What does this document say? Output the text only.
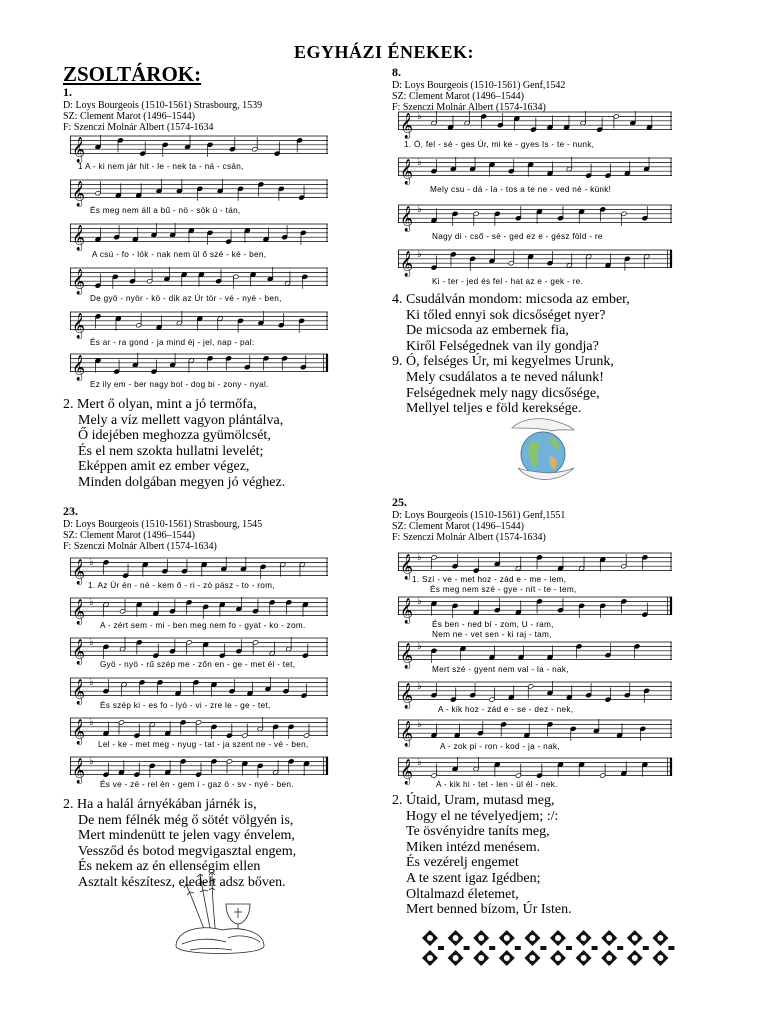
EGYHÁZI ÉNEKEK:
ZSOLTÁROK:
1.
D: Loys Bourgeois (1510-1561) Strasbourg, 1539
SZ: Clement Marot (1496–1544)
F: Szenczi Molnár Albert (1574-1634
8.
D: Loys Bourgeois (1510-1561) Genf,1542
SZ: Clement Marot (1496–1544)
F: Szenczi Molnár Albert (1574-1634)
23.
D: Loys Bourgeois (1510-1561) Strasbourg, 1545
SZ: Clement Marot (1496–1544)
F: Szenczi Molnár Albert (1574-1634)
25.
D: Loys Bourgeois (1510-1561) Genf,1551
SZ: Clement Marot (1496–1544)
F: Szenczi Molnár Albert (1574-1634)
𝄞
𝄞
𝄞
𝄞
𝄞
𝄞
𝄞 ♭
𝄞 ♭
𝄞 ♭
𝄞 ♭
𝄞 ♭
𝄞 ♭
𝄞 ♭
𝄞 ♭
𝄞 ♭
𝄞 ♭
𝄞 ♭
𝄞 ♭
𝄞 ♭
𝄞 ♭
𝄞 ♭
𝄞 ♭
1 A - ki nem jár hit - le - nek ta - ná - csán,
És meg nem áll a bű - nö - sök ú - tán,
A csú - fo - lók - nak nem ül ő szé - ké - ben,
De gyö - nyör - kö - dik az Úr tör - vé - nyé - ben,
És ar - ra gond - ja mind éj - jel, nap - pal:
Ez ily em - ber nagy bol - dog bi - zony - nyal.
1. Ó, fel - sé - ges Úr, mi ke - gyes Is - te - nunk,
Mely csu - dá - la - tos a te ne - ved né - künk!
Nagy di - cső - sé - ged ez e - gész föld - re
Ki - ter - jed és fel - hat az e - gek - re.
1. Az Úr én - né - kem ő - ri - zó pász - to - rom,
A - zért sem - mi - ben meg nem fo - gyat - ko - zom.
Gyö - nyö - rű szép me - zőn en - ge - met él - tet,
És szép ki - es fo - lyó - vi - zre le - ge - tet,
Lel - ke - met meg - nyug - tat - ja szent ne - vé - ben,
És ve - zé - rel én - gem i - gaz ö - sv - nyé - ben.
1. Szí - ve - met hoz - zád e - me - lem,
És meg nem szé - gye - nít - te - tem,
És ben - ned bí - zom, U - ram,
Nem ne - vet sen - ki raj - tam,
Mert szé - gyent nem val - la - nak,
A - kik hoz - zád e - se - dez - nek,
A - zok pi - ron - kod - ja - nak,
A - kik hi - tet - len - ül él - nek.
2. Mert ő olyan, mint a jó termőfa,
Mely a víz mellett vagyon plántálva,
Ő idejében meghozza gyümölcsét,
És el nem szokta hullatni levelét;
Eképpen amit ez ember végez,
Minden dolgában megyen jó véghez.
4. Csudálván mondom: micsoda az ember,
Ki tőled ennyi sok dicsőséget nyer?
De micsoda az embernek fia,
Kiről Felségednek van ily gondja?
9. Ó, felséges Úr, mi kegyelmes Urunk,
Mely csudálatos a te neved nálunk!
Felségednek mely nagy dicsősége,
Mellyel teljes e föld kereksége.
2. Ha a halál árnyékában járnék is,
De nem félnék még ő sötét völgyén is,
Mert mindenütt te jelen vagy énvelem,
Vessződ és botod megvigasztal engem,
És nekem az én ellenségim ellen
Asztalt készítesz, eledelt adsz bőven.
2. Útaid, Uram, mutasd meg,
Hogy el ne tévelyedjem; :/:
Te ösvényidre taníts meg,
Miken intézd menésem.
És vezérelj engemet
A te szent igaz Igédben;
Oltalmazd életemet,
Mert benned bízom, Úr Isten.
